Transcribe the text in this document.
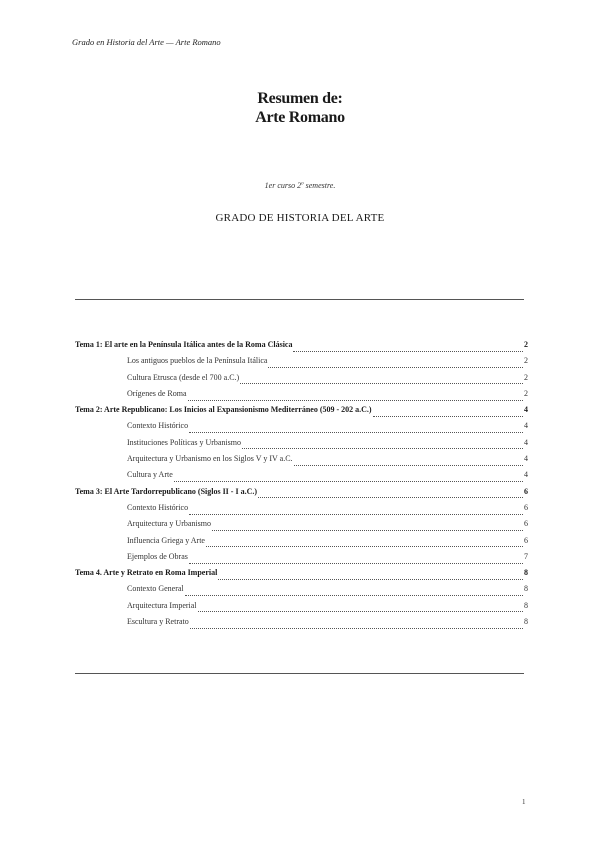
Grado en Historia del Arte — Arte Romano
Resumen de:
Arte Romano
1er curso 2$^o$ semestre.
GRADO DE HISTORIA DEL ARTE
Tema 1: El arte en la Península Itálica antes de la Roma Clásica	2
Los antiguos pueblos de la Península Itálica	2
Cultura Etrusca (desde el 700 a.C.)	2
Orígenes de Roma	2
Tema 2: Arte Republicano: Los Inicios al Expansionismo Mediterráneo (509 - 202 a.C.)	4
Contexto Histórico	4
Instituciones Políticas y Urbanismo	4
Arquitectura y Urbanismo en los Siglos V y IV a.C.	4
Cultura y Arte	4
Tema 3: El Arte Tardorrepublicano (Siglos II - I a.C.)	6
Contexto Histórico	6
Arquitectura y Urbanismo	6
Influencia Griega y Arte	6
Ejemplos de Obras	7
Tema 4. Arte y Retrato en Roma Imperial	8
Contexto General	8
Arquitectura Imperial	8
Escultura y Retrato	8
1
